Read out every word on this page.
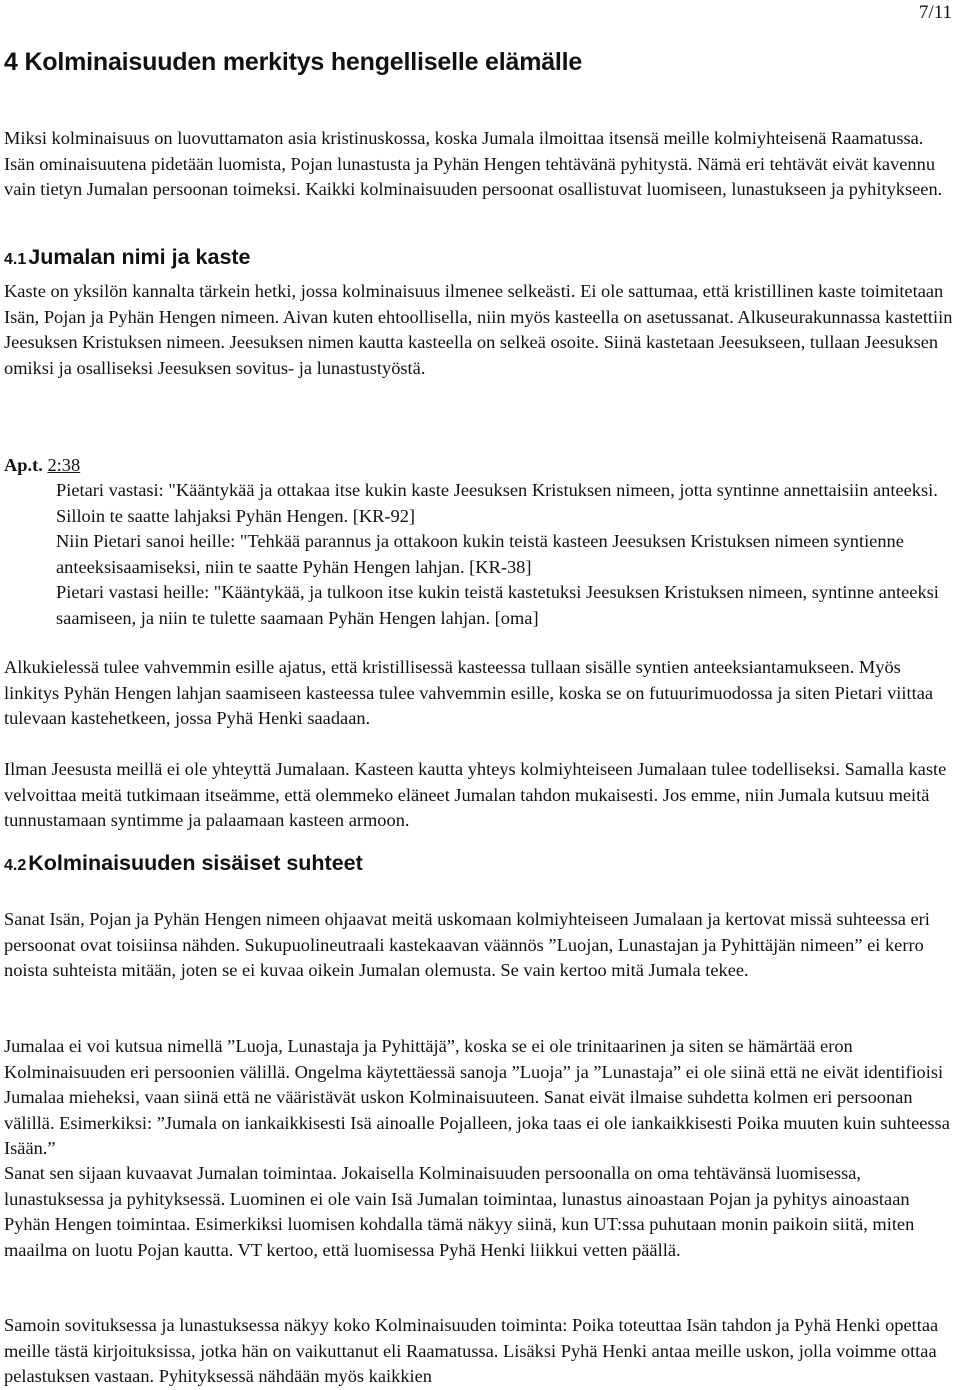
7/11
4 Kolminaisuuden merkitys hengelliselle elämälle

Miksi kolminaisuus on luovuttamaton asia kristinuskossa, koska Jumala ilmoittaa itsensä meille kolmiyhteisenä Raamatussa. Isän ominaisuutena pidetään luomista, Pojan lunastusta ja Pyhän Hengen tehtävänä pyhitystä. Nämä eri tehtävät eivät kavennu vain tietyn Jumalan persoonan toimeksi. Kaikki kolminaisuuden persoonat osallistuvat luomiseen, lunastukseen ja pyhitykseen.

4.1Jumalan nimi ja kaste

Kaste on yksilön kannalta tärkein hetki, jossa kolminaisuus ilmenee selkeästi. Ei ole sattumaa, että kristillinen kaste toimitetaan Isän, Pojan ja Pyhän Hengen nimeen. Aivan kuten ehtoollisella, niin myös kasteella on asetussanat. Alkuseurakunnassa kastettiin Jeesuksen Kristuksen nimeen. Jeesuksen nimen kautta kasteella on selkeä osoite. Siinä kastetaan Jeesukseen, tullaan Jeesuksen omiksi ja osalliseksi Jeesuksen sovitus- ja lunastustyöstä.

Ap.t. 2:38
Pietari vastasi: "Kääntykää ja ottakaa itse kukin kaste Jeesuksen Kristuksen nimeen, jotta syntinne annettaisiin anteeksi. Silloin te saatte lahjaksi Pyhän Hengen. [KR-92]
Niin Pietari sanoi heille: "Tehkää parannus ja ottakoon kukin teistä kasteen Jeesuksen Kristuksen nimeen syntienne anteeksisaamiseksi, niin te saatte Pyhän Hengen lahjan. [KR-38]
Pietari vastasi heille: "Kääntykää, ja tulkoon itse kukin teistä kastetuksi Jeesuksen Kristuksen nimeen, syntinne anteeksi saamiseen, ja niin te tulette saamaan Pyhän Hengen lahjan. [oma]

Alkukielessä tulee vahvemmin esille ajatus, että kristillisessä kasteessa tullaan sisälle syntien anteeksiantamukseen. Myös linkitys Pyhän Hengen lahjan saamiseen kasteessa tulee vahvemmin esille, koska se on futuurimuodossa ja siten Pietari viittaa tulevaan kastehetkeen, jossa Pyhä Henki saadaan.

Ilman Jeesusta meillä ei ole yhteyttä Jumalaan. Kasteen kautta yhteys kolmiyhteiseen Jumalaan tulee todelliseksi. Samalla kaste velvoittaa meitä tutkimaan itseämme, että olemmeko eläneet Jumalan tahdon mukaisesti. Jos emme, niin Jumala kutsuu meitä tunnustamaan syntimme ja palaamaan kasteen armoon.

4.2Kolminaisuuden sisäiset suhteet

Sanat Isän, Pojan ja Pyhän Hengen nimeen ohjaavat meitä uskomaan kolmiyhteiseen Jumalaan ja kertovat missä suhteessa eri persoonat ovat toisiinsa nähden. Sukupuolineutraali kastekaavan väännös ”Luojan, Lunastajan ja Pyhittäjän nimeen” ei kerro noista suhteista mitään, joten se ei kuvaa oikein Jumalan olemusta. Se vain kertoo mitä Jumala tekee.

Jumalaa ei voi kutsua nimellä ”Luoja, Lunastaja ja Pyhittäjä”, koska se ei ole trinitaarinen ja siten se hämärtää eron Kolminaisuuden eri persoonien välillä. Ongelma käytettäessä sanoja ”Luoja” ja ”Lunastaja” ei ole siinä että ne eivät identifioisi Jumalaa mieheksi, vaan siinä että ne vääristävät uskon Kolminaisuuteen. Sanat eivät ilmaise suhdetta kolmen eri persoonan välillä. Esimerkiksi: ”Jumala on iankaikkisesti Isä ainoalle Pojalleen, joka taas ei ole iankaikkisesti Poika muuten kuin suhteessa Isään.”

Sanat sen sijaan kuvaavat Jumalan toimintaa. Jokaisella Kolminaisuuden persoonalla on oma tehtävänsä luomisessa, lunastuksessa ja pyhityksessä. Luominen ei ole vain Isä Jumalan toimintaa, lunastus ainoastaan Pojan ja pyhitys ainoastaan Pyhän Hengen toimintaa. Esimerkiksi luomisen kohdalla tämä näkyy siinä, kun UT:ssa puhutaan monin paikoin siitä, miten maailma on luotu Pojan kautta. VT kertoo, että luomisessa Pyhä Henki liikkui vetten päällä.

Samoin sovituksessa ja lunastuksessa näkyy koko Kolminaisuuden toiminta: Poika toteuttaa Isän tahdon ja Pyhä Henki opettaa meille tästä kirjoituksissa, jotka hän on vaikuttanut eli Raamatussa. Lisäksi Pyhä Henki antaa meille uskon, jolla voimme ottaa pelastuksen vastaan. Pyhityksessä nähdään myös kaikkien
